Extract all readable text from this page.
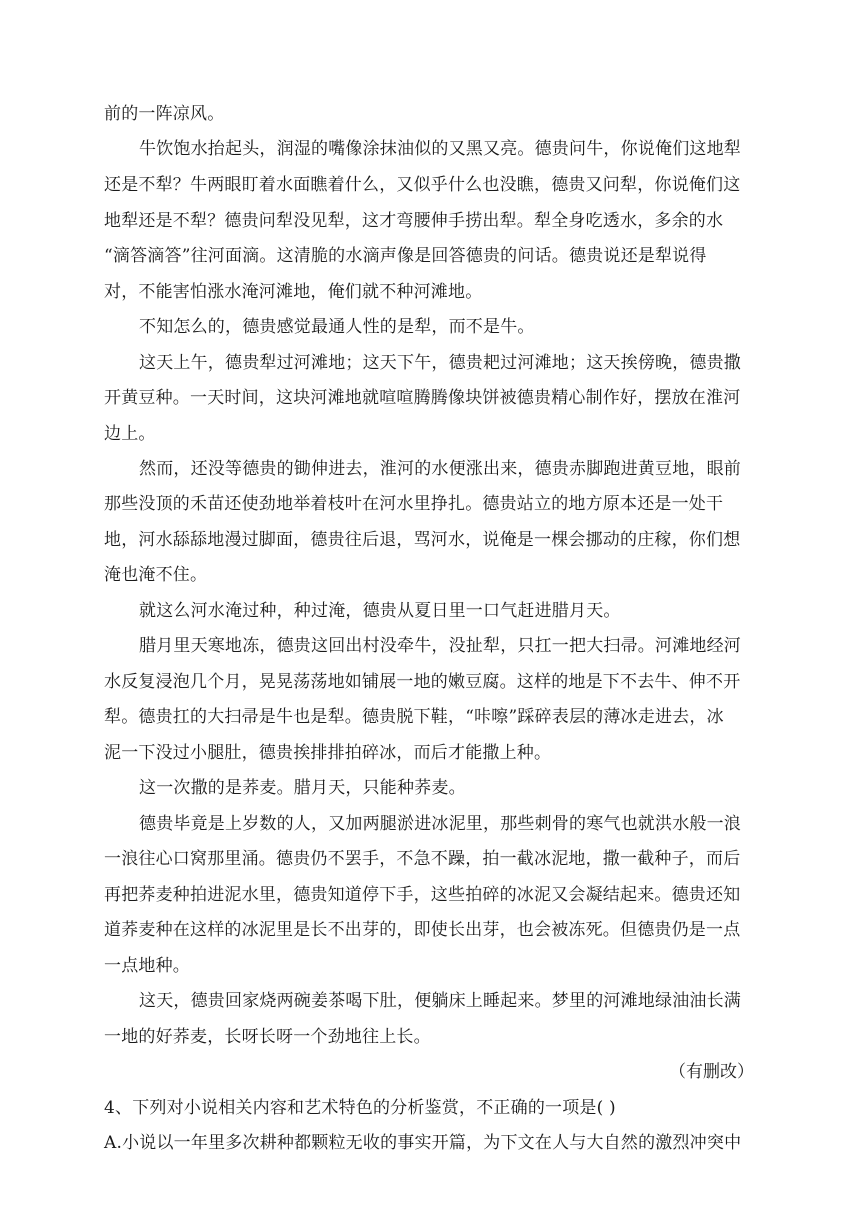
前的一阵凉风。
牛饮饱水抬起头，润湿的嘴像涂抹油似的又黑又亮。德贵问牛，你说俺们这地犁
还是不犁？牛两眼盯着水面瞧着什么，又似乎什么也没瞧，德贵又问犁，你说俺们这
地犁还是不犁？德贵问犁没见犁，这才弯腰伸手捞出犁。犁全身吃透水，多余的水
“滴答滴答”往河面滴。这清脆的水滴声像是回答德贵的问话。德贵说还是犁说得
对，不能害怕涨水淹河滩地，俺们就不种河滩地。
不知怎么的，德贵感觉最通人性的是犁，而不是牛。
这天上午，德贵犁过河滩地；这天下午，德贵耙过河滩地；这天挨傍晚，德贵撒
开黄豆种。一天时间，这块河滩地就喧喧腾腾像块饼被德贵精心制作好，摆放在淮河
边上。
然而，还没等德贵的锄伸进去，淮河的水便涨出来，德贵赤脚跑进黄豆地，眼前
那些没顶的禾苗还使劲地举着枝叶在河水里挣扎。德贵站立的地方原本还是一处干
地，河水舔舔地漫过脚面，德贵往后退，骂河水，说俺是一棵会挪动的庄稼，你们想
淹也淹不住。
就这么河水淹过种，种过淹，德贵从夏日里一口气赶进腊月天。
腊月里天寒地冻，德贵这回出村没牵牛，没扯犁，只扛一把大扫帚。河滩地经河
水反复浸泡几个月，晃晃荡荡地如铺展一地的嫩豆腐。这样的地是下不去牛、伸不开
犁。德贵扛的大扫帚是牛也是犁。德贵脱下鞋，“咔嚓”踩碎表层的薄冰走进去，冰
泥一下没过小腿肚，德贵挨排排拍碎冰，而后才能撒上种。
这一次撒的是荞麦。腊月天，只能种荞麦。
德贵毕竟是上岁数的人，又加两腿淤进冰泥里，那些刺骨的寒气也就洪水般一浪
一浪往心口窝那里涌。德贵仍不罢手，不急不躁，拍一截冰泥地，撒一截种子，而后
再把荞麦种拍进泥水里，德贵知道停下手，这些拍碎的冰泥又会凝结起来。德贵还知
道荞麦种在这样的冰泥里是长不出芽的，即使长出芽，也会被冻死。但德贵仍是一点
一点地种。
这天，德贵回家烧两碗姜茶喝下肚，便躺床上睡起来。梦里的河滩地绿油油长满
一地的好荞麦，长呀长呀一个劲地往上长。
（有删改）
4、下列对小说相关内容和艺术特色的分析鉴赏，不正确的一项是( )
A.小说以一年里多次耕种都颗粒无收的事实开篇，为下文在人与大自然的激烈冲突中
